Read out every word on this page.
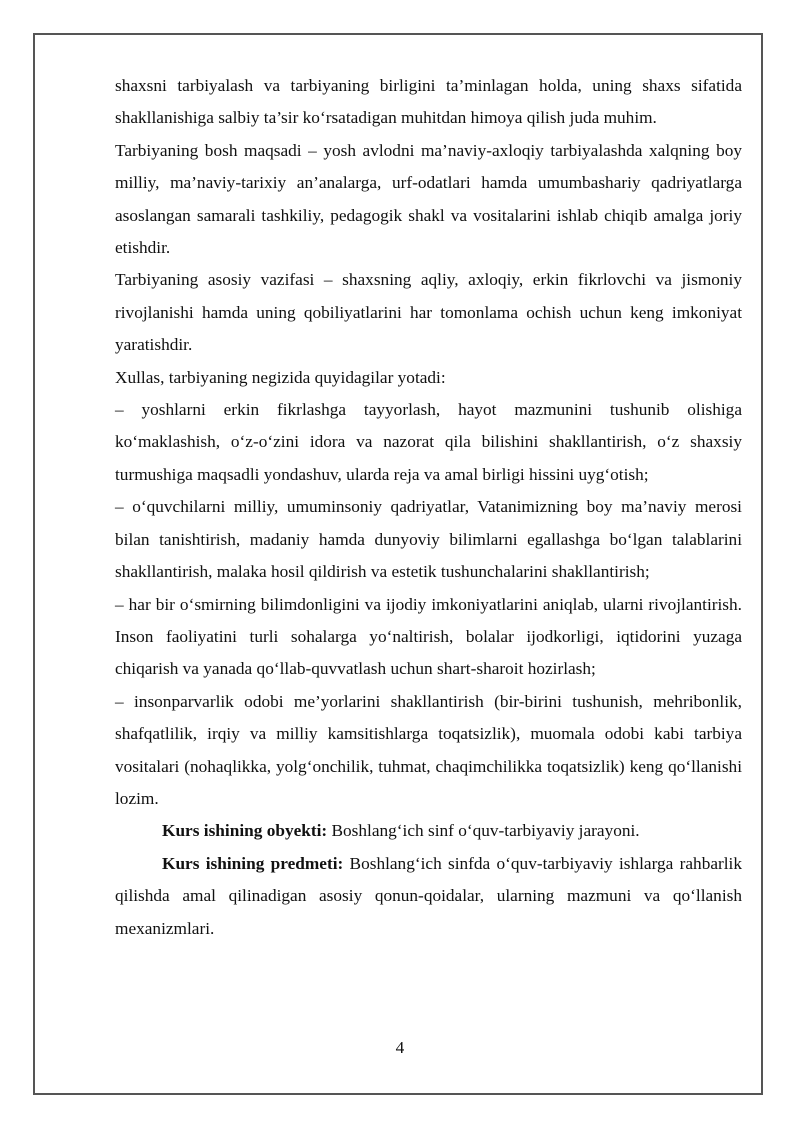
shaxsni tarbiyalash va tarbiyaning birligini ta’minlagan holda, uning shaxs sifatida shakllanishiga salbiy ta’sir ko‘rsatadigan muhitdan himoya qilish juda muhim.

Tarbiyaning bosh maqsadi – yosh avlodni ma’naviy-axloqiy tarbiyalashda xalqning boy milliy, ma’naviy-tarixiy an’analarga, urf-odatlari hamda umumbashariy qadriyatlarga asoslangan samarali tashkiliy, pedagogik shakl va vositalarini ishlab chiqib amalga joriy etishdir.

Tarbiyaning asosiy vazifasi – shaxsning aqliy, axloqiy, erkin fikrlovchi va jismoniy rivojlanishi hamda uning qobiliyatlarini har tomonlama ochish uchun keng imkoniyat yaratishdir.

Xullas, tarbiyaning negizida quyidagilar yotadi:

– yoshlarni erkin fikrlashga tayyorlash, hayot mazmunini tushunib olishiga ko‘maklashish, o‘z-o‘zini idora va nazorat qila bilishini shakllantirish, o‘z shaxsiy turmushiga maqsadli yondashuv, ularda reja va amal birligi hissini uyg‘otish;

– o‘quvchilarni milliy, umuminsoniy qadriyatlar, Vatanimizning boy ma’naviy merosi bilan tanishtirish, madaniy hamda dunyoviy bilimlarni egallashga bo‘lgan talablarini shakllantirish, malaka hosil qildirish va estetik tushunchalarini shakllantirish;

– har bir o‘smirning bilimdonligini va ijodiy imkoniyatlarini aniqlab, ularni rivojlantirish. Inson faoliyatini turli sohalarga yo‘naltirish, bolalar ijodkorligi, iqtidorini yuzaga chiqarish va yanada qo‘llab-quvvatlash uchun shart-sharoit hozirlash;

– insonparvarlik odobi me’yorlarini shakllantirish (bir-birini tushunish, mehribonlik, shafqatlilik, irqiy va milliy kamsitishlarga toqatsizlik), muomala odobi kabi tarbiya vositalari (nohaqlikka, yolg‘onchilik, tuhmat, chaqimchilikka toqatsizlik) keng qo‘llanishi lozim.

Kurs ishining obyekti: Boshlang‘ich sinf o‘quv-tarbiyaviy jarayoni.

Kurs ishining predmeti: Boshlang‘ich sinfda o‘quv-tarbiyaviy ishlarga rahbarlik qilishda amal qilinadigan asosiy qonun-qoidalar, ularning mazmuni va qo‘llanish mexanizmlari.

4
